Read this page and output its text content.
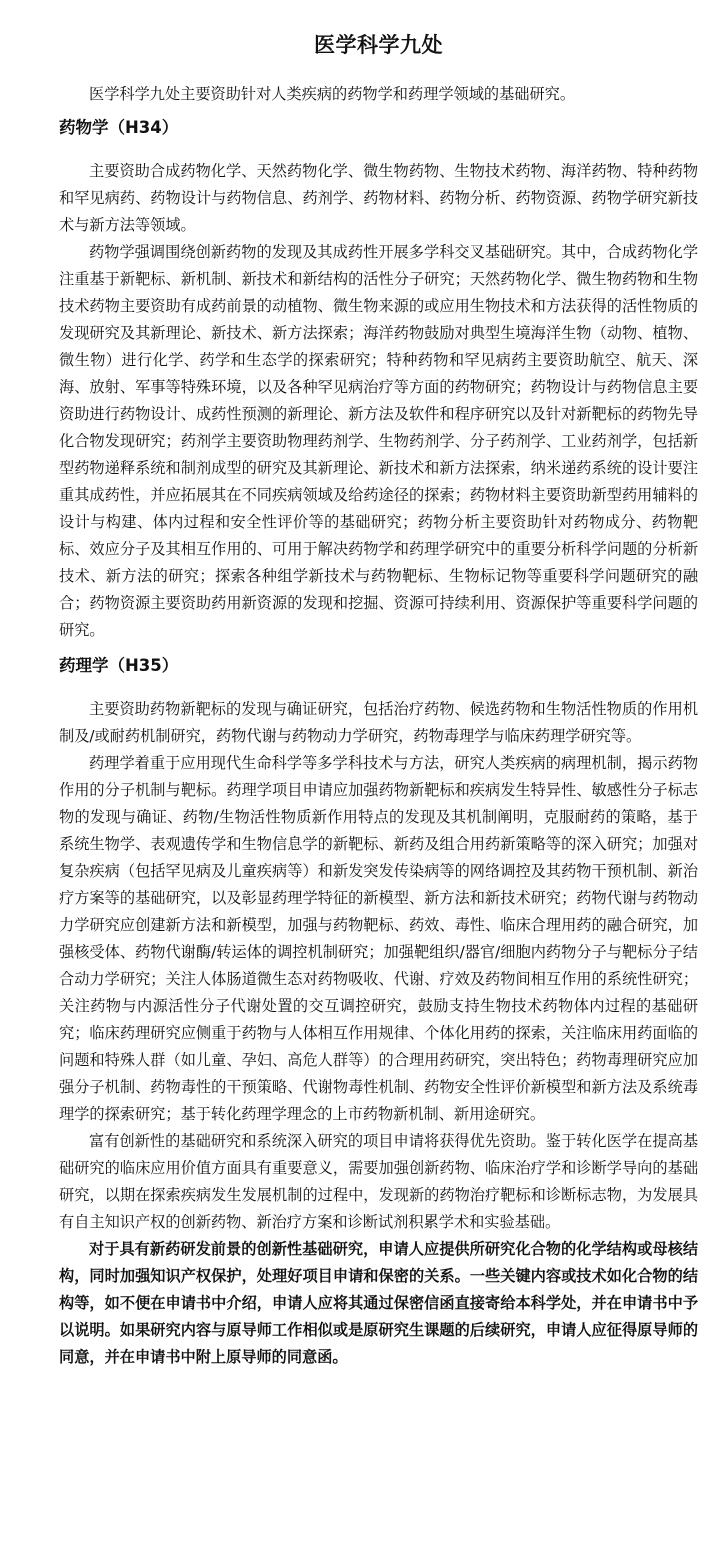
医学科学九处

医学科学九处主要资助针对人类疾病的药物学和药理学领域的基础研究。

药物学（H34）

主要资助合成药物化学、天然药物化学、微生物药物、生物技术药物、海洋药物、特种药物和罕见病药、药物设计与药物信息、药剂学、药物材料、药物分析、药物资源、药物学研究新技术与新方法等领域。

药物学强调围绕创新药物的发现及其成药性开展多学科交叉基础研究。其中，合成药物化学注重基于新靶标、新机制、新技术和新结构的活性分子研究；天然药物化学、微生物药物和生物技术药物主要资助有成药前景的动植物、微生物来源的或应用生物技术和方法获得的活性物质的发现研究及其新理论、新技术、新方法探索；海洋药物鼓励对典型生境海洋生物（动物、植物、微生物）进行化学、药学和生态学的探索研究；特种药物和罕见病药主要资助航空、航天、深海、放射、军事等特殊环境，以及各种罕见病治疗等方面的药物研究；药物设计与药物信息主要资助进行药物设计、成药性预测的新理论、新方法及软件和程序研究以及针对新靶标的药物先导化合物发现研究；药剂学主要资助物理药剂学、生物药剂学、分子药剂学、工业药剂学，包括新型药物递释系统和制剂成型的研究及其新理论、新技术和新方法探索，纳米递药系统的设计要注重其成药性，并应拓展其在不同疾病领域及给药途径的探索；药物材料主要资助新型药用辅料的设计与构建、体内过程和安全性评价等的基础研究；药物分析主要资助针对药物成分、药物靶标、效应分子及其相互作用的、可用于解决药物学和药理学研究中的重要分析科学问题的分析新技术、新方法的研究；探索各种组学新技术与药物靶标、生物标记物等重要科学问题研究的融合；药物资源主要资助药用新资源的发现和挖掘、资源可持续利用、资源保护等重要科学问题的研究。

药理学（H35）

主要资助药物新靶标的发现与确证研究，包括治疗药物、候选药物和生物活性物质的作用机制及/或耐药机制研究，药物代谢与药物动力学研究，药物毒理学与临床药理学研究等。

药理学着重于应用现代生命科学等多学科技术与方法，研究人类疾病的病理机制，揭示药物作用的分子机制与靶标。药理学项目申请应加强药物新靶标和疾病发生特异性、敏感性分子标志物的发现与确证、药物/生物活性物质新作用特点的发现及其机制阐明，克服耐药的策略，基于系统生物学、表观遗传学和生物信息学的新靶标、新药及组合用药新策略等的深入研究；加强对复杂疾病（包括罕见病及儿童疾病等）和新发突发传染病等的网络调控及其药物干预机制、新治疗方案等的基础研究，以及彰显药理学特征的新模型、新方法和新技术研究；药物代谢与药物动力学研究应创建新方法和新模型，加强与药物靶标、药效、毒性、临床合理用药的融合研究，加强核受体、药物代谢酶/转运体的调控机制研究；加强靶组织/器官/细胞内药物分子与靶标分子结合动力学研究；关注人体肠道微生态对药物吸收、代谢、疗效及药物间相互作用的系统性研究；关注药物与内源活性分子代谢处置的交互调控研究，鼓励支持生物技术药物体内过程的基础研究；临床药理研究应侧重于药物与人体相互作用规律、个体化用药的探索，关注临床用药面临的问题和特殊人群（如儿童、孕妇、高危人群等）的合理用药研究，突出特色；药物毒理研究应加强分子机制、药物毒性的干预策略、代谢物毒性机制、药物安全性评价新模型和新方法及系统毒理学的探索研究；基于转化药理学理念的上市药物新机制、新用途研究。

富有创新性的基础研究和系统深入研究的项目申请将获得优先资助。鉴于转化医学在提高基础研究的临床应用价值方面具有重要意义，需要加强创新药物、临床治疗学和诊断学导向的基础研究，以期在探索疾病发生发展机制的过程中，发现新的药物治疗靶标和诊断标志物，为发展具有自主知识产权的创新药物、新治疗方案和诊断试剂积累学术和实验基础。

对于具有新药研发前景的创新性基础研究，申请人应提供所研究化合物的化学结构或母核结构，同时加强知识产权保护，处理好项目申请和保密的关系。一些关键内容或技术如化合物的结构等，如不便在申请书中介绍，申请人应将其通过保密信函直接寄给本科学处，并在申请书中予以说明。如果研究内容与原导师工作相似或是原研究生课题的后续研究，申请人应征得原导师的同意，并在申请书中附上原导师的同意函。
